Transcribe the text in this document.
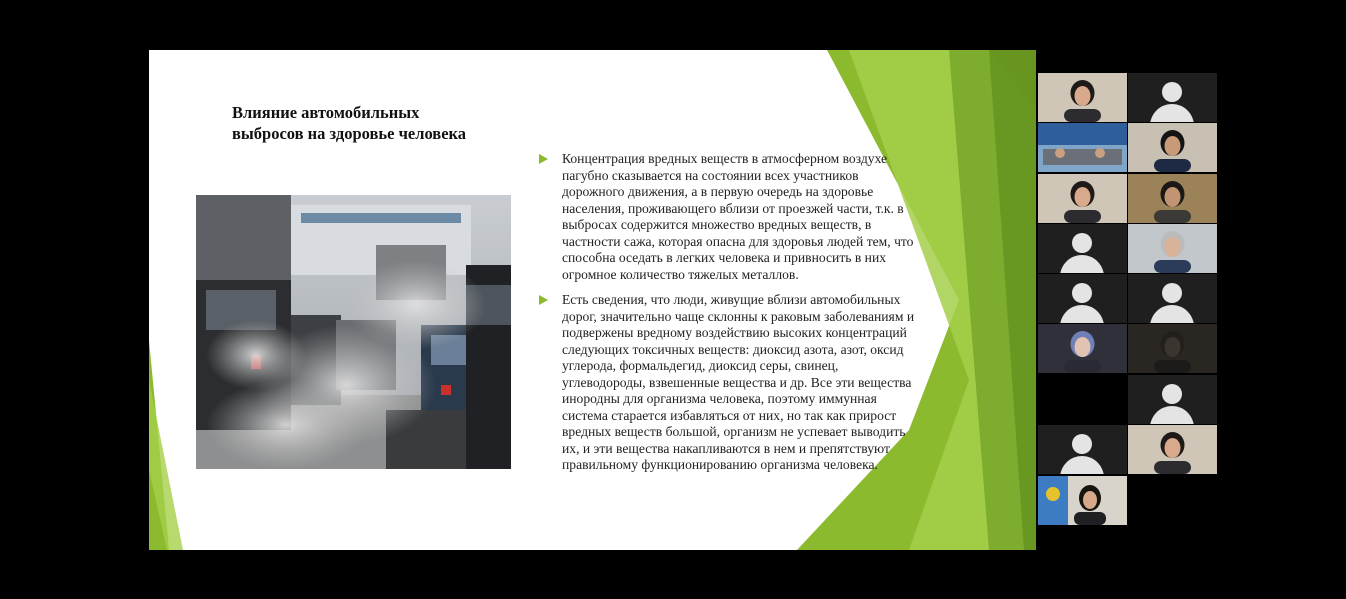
Влияние автомобильных
выбросов на здоровье человека
Концентрация вредных веществ в атмосферном воздухе
пагубно сказывается на состоянии всех участников
дорожного движения, а в первую очередь на здоровье
населения, проживающего вблизи от проезжей части, т.к. в
выбросах содержится множество вредных веществ, в
частности сажа, которая опасна для здоровья людей тем, что
способна оседать в легких человека и привносить в них
огромное количество тяжелых металлов.
Есть сведения, что люди, живущие вблизи автомобильных
дорог, значительно чаще склонны к раковым заболеваниям и
подвержены вредному воздействию высоких концентраций
следующих токсичных веществ: диоксид азота, азот, оксид
углерода, формальдегид, диоксид серы, свинец,
углеводороды, взвешенные вещества и др. Все эти вещества
инородны для организма человека, поэтому иммунная
система старается избавляться от них, но так как прирост
вредных веществ большой, организм не успевает выводить
их, и эти вещества накапливаются в нем и препятствуют
правильному функционированию организма человека.
